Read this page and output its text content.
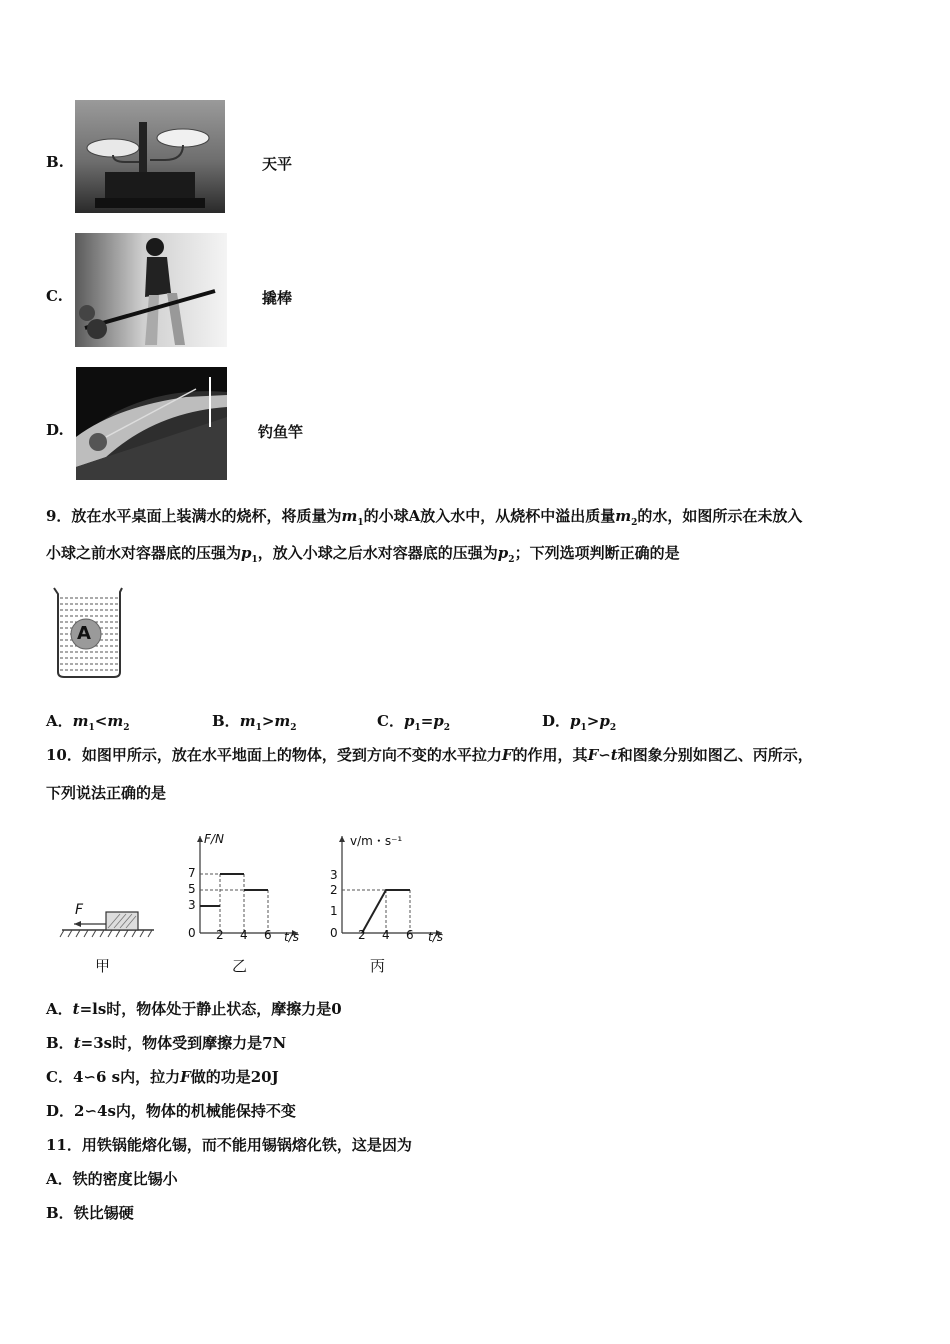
B.	天平
C.	撬棒
D.	钓鱼竿
9．放在水平桌面上装满水的烧杯，将质量为$m_1$的小球A放入水中，从烧杯中溢出质量$m_2$的水，如图所示在未放入
小球之前水对容器底的压强为$p_1$，放入小球之后水对容器底的压强为$p_2$；下列选项判断正确的是
A
A．$m_1<m_2$	B．$m_1>m_2$	C．$p_1=p_2$	D．$p_1>p_2$
10．如图甲所示，放在水平地面上的物体，受到方向不变的水平拉力F的作用，其F∽t和图象分别如图乙、丙所示，
下列说法正确的是
F
甲
F/N
7
5
3
0 2 4 6 t/s
乙
v/m・s⁻¹
3
2
1
0 2 4 6 t/s
丙
A．t=ls时，物体处于静止状态，摩擦力是0
B．t=3s时，物体受到摩擦力是7N
C．4∽6 s内，拉力F做的功是20J
D．2∽4s内，物体的机械能保持不变
11．用铁锅能熔化锡，而不能用锡锅熔化铁，这是因为
A．铁的密度比锡小
B．铁比锡硬
